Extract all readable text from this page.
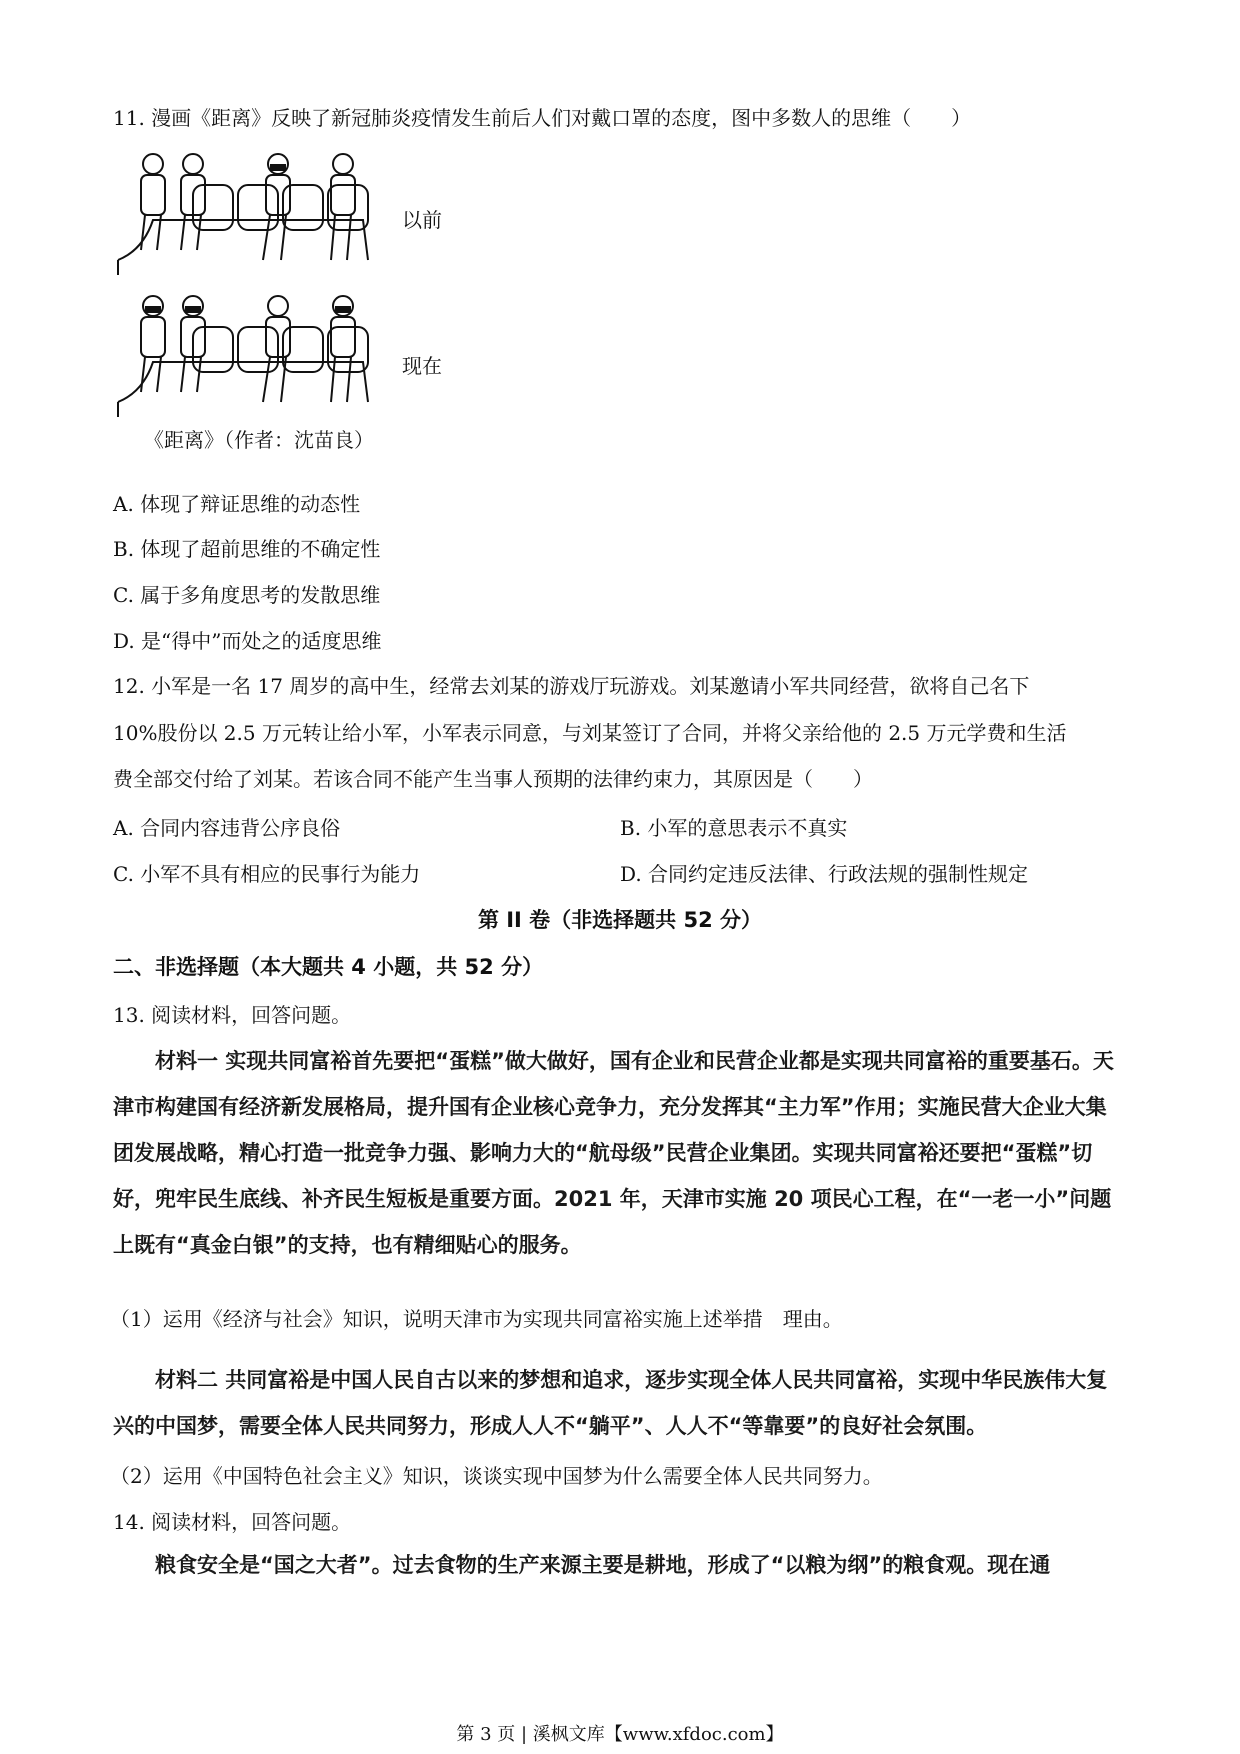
11. 漫画《距离》反映了新冠肺炎疫情发生前后人们对戴口罩的态度，图中多数人的思维（　　）
以前
现在
《距离》（作者：沈苗良）
A. 体现了辩证思维的动态性
B. 体现了超前思维的不确定性
C. 属于多角度思考的发散思维
D. 是“得中”而处之的适度思维
12. 小军是一名 17 周岁的高中生，经常去刘某的游戏厅玩游戏。刘某邀请小军共同经营，欲将自己名下
10%股份以 2.5 万元转让给小军，小军表示同意，与刘某签订了合同，并将父亲给他的 2.5 万元学费和生活
费全部交付给了刘某。若该合同不能产生当事人预期的法律约束力，其原因是（　　）
A. 合同内容违背公序良俗	B. 小军的意思表示不真实
C. 小军不具有相应的民事行为能力	D. 合同约定违反法律、行政法规的强制性规定
第 II 卷（非选择题共 52 分）
二、非选择题（本大题共 4 小题，共 52 分）
13. 阅读材料，回答问题。

材料一 实现共同富裕首先要把“蛋糕”做大做好，国有企业和民营企业都是实现共同富裕的重要基石。天津市构建国有经济新发展格局，提升国有企业核心竞争力，充分发挥其“主力军”作用；实施民营大企业大集团发展战略，精心打造一批竞争力强、影响力大的“航母级”民营企业集团。实现共同富裕还要把“蛋糕”切好，兜牢民生底线、补齐民生短板是重要方面。2021 年，天津市实施 20 项民心工程，在“一老一小”问题上既有“真金白银”的支持，也有精细贴心的服务。

（1）运用《经济与社会》知识，说明天津市为实现共同富裕实施上述举措　理由。

材料二 共同富裕是中国人民自古以来的梦想和追求，逐步实现全体人民共同富裕，实现中华民族伟大复兴的中国梦，需要全体人民共同努力，形成人人不“躺平”、人人不“等靠要”的良好社会氛围。

（2）运用《中国特色社会主义》知识，谈谈实现中国梦为什么需要全体人民共同努力。
14. 阅读材料，回答问题。

粮食安全是“国之大者”。过去食物的生产来源主要是耕地，形成了“以粮为纲”的粮食观。现在通

第 3 页 | 溪枫文库【www.xfdoc.com】
